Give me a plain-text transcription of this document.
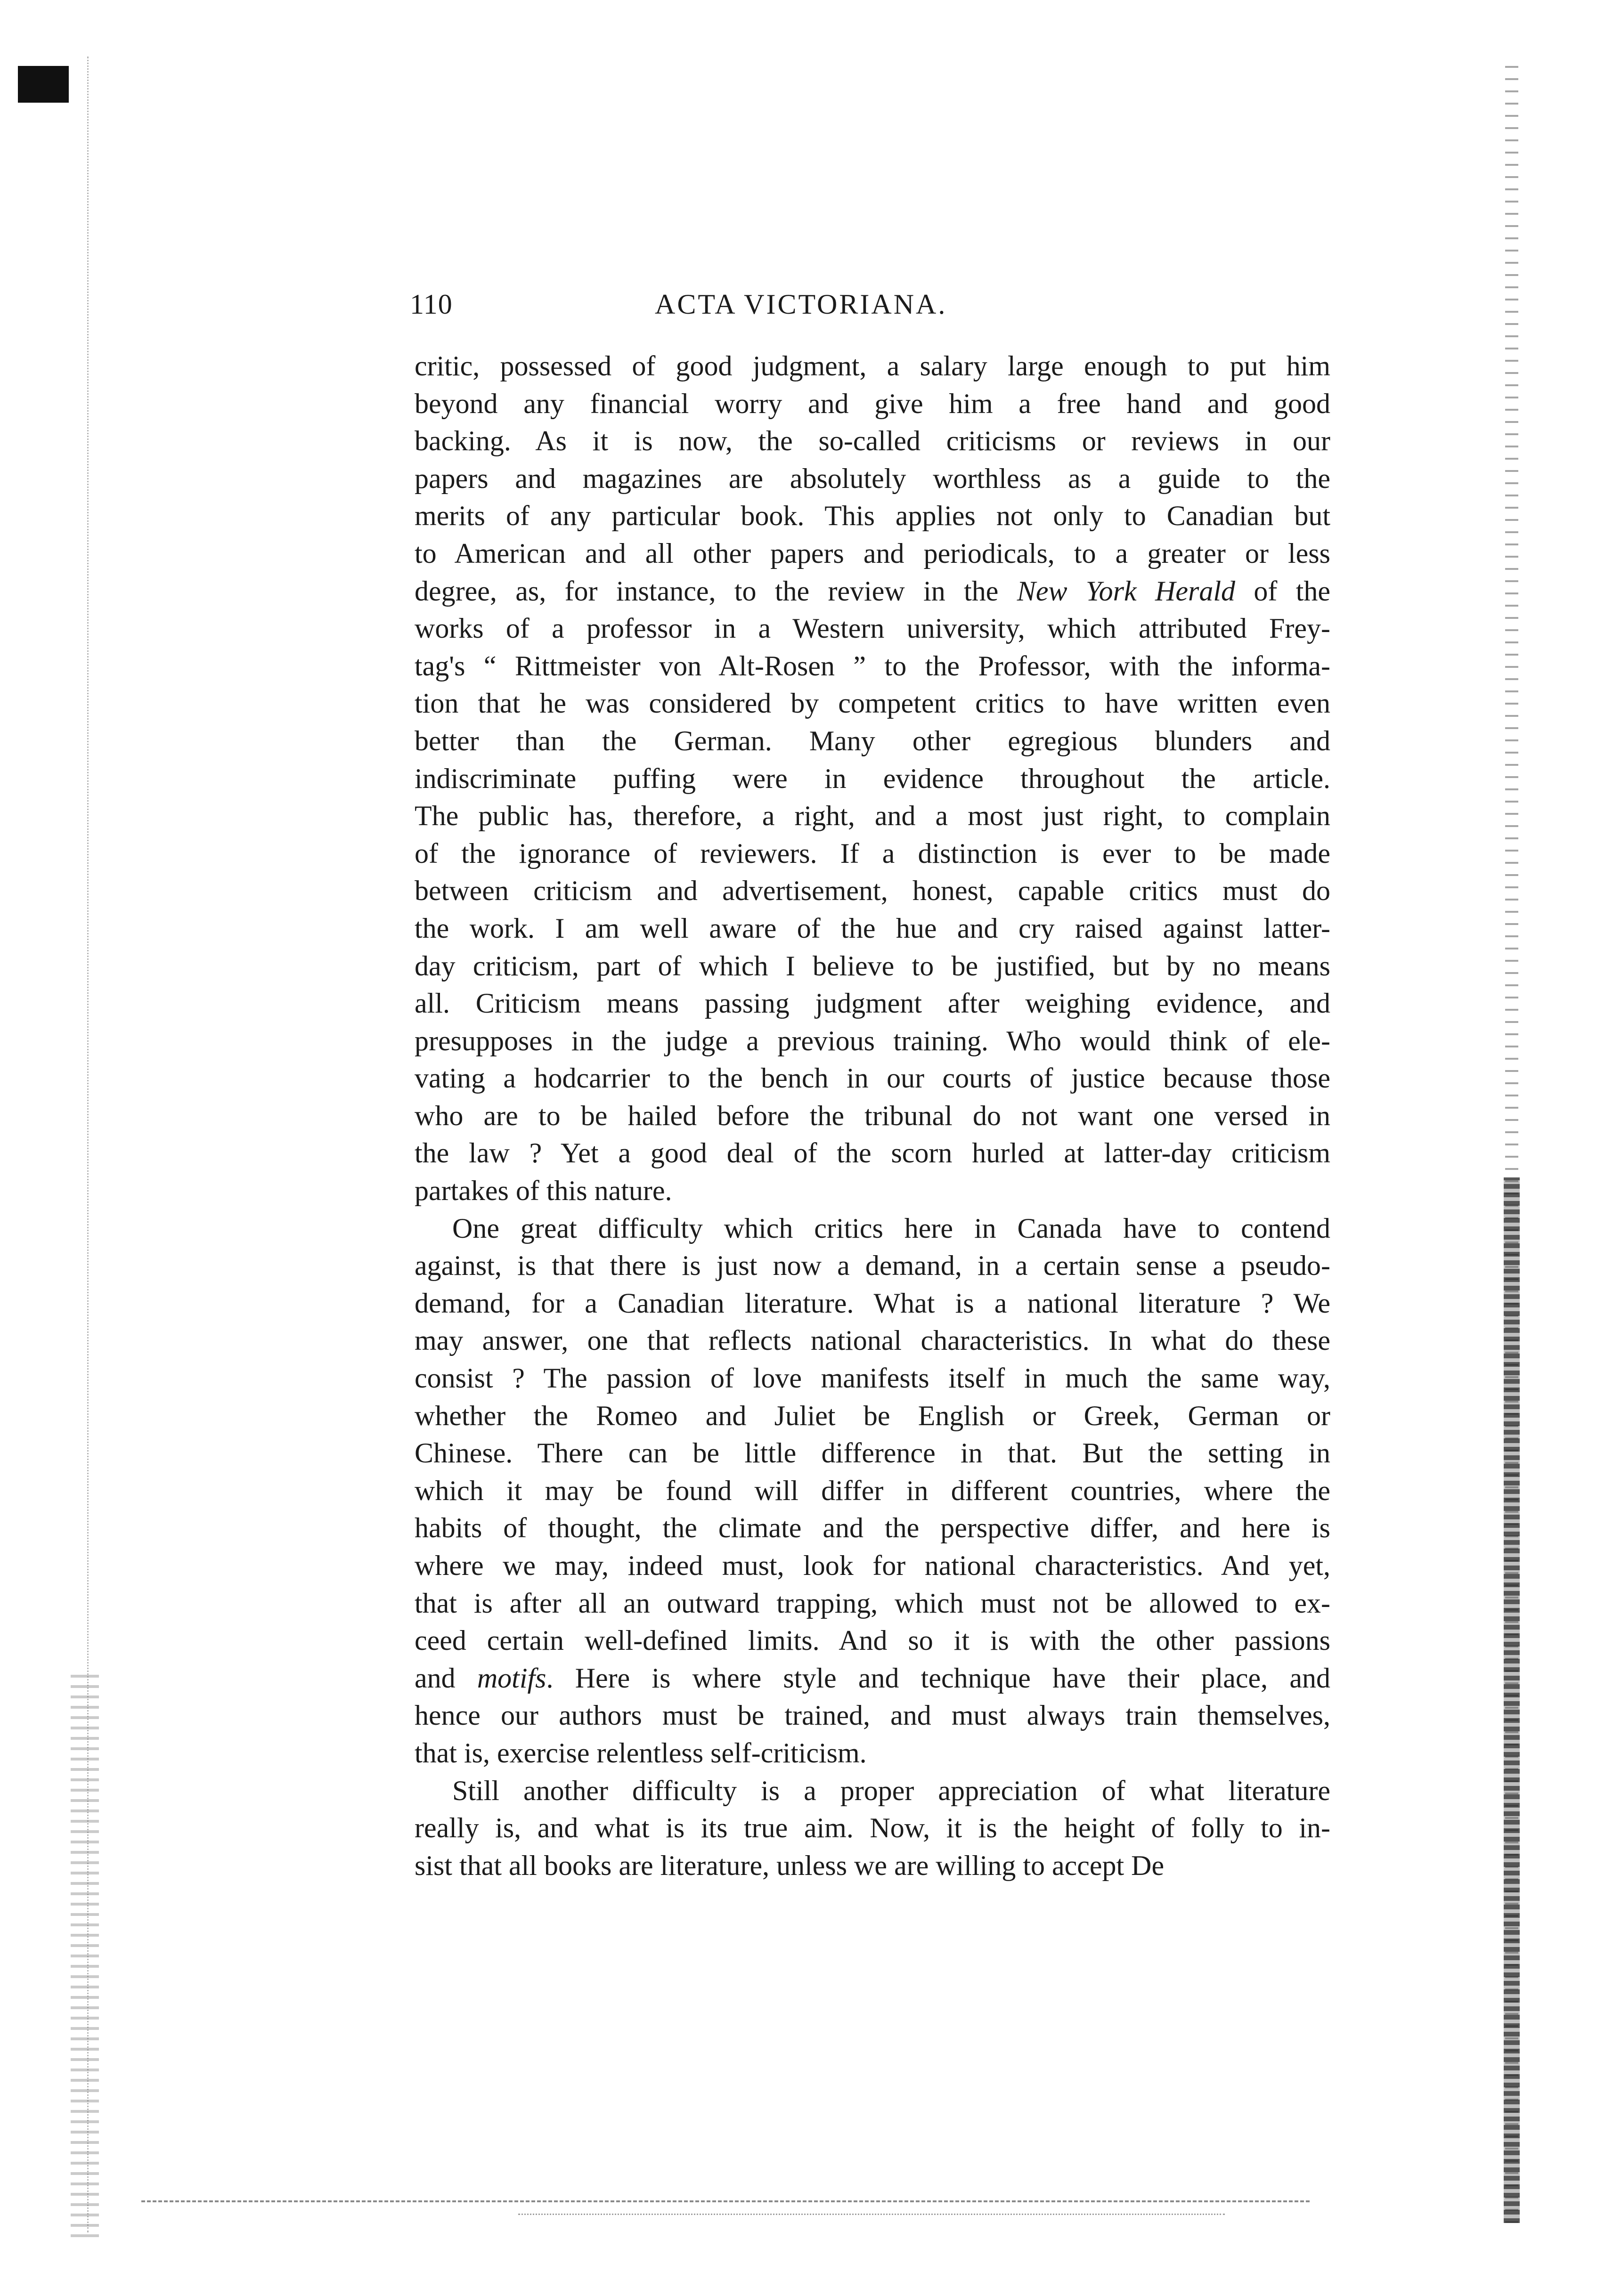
110	ACTA VICTORIANA.
critic, possessed of good judgment, a salary large enough to put him
beyond any financial worry and give him a free hand and good
backing. As it is now, the so-called criticisms or reviews in our
papers and magazines are absolutely worthless as a guide to the
merits of any particular book. This applies not only to Canadian but
to American and all other papers and periodicals, to a greater or less
degree, as, for instance, to the review in the New York Herald of the
works of a professor in a Western university, which attributed Frey-
tag's “ Rittmeister von Alt-Rosen ” to the Professor, with the informa-
tion that he was considered by competent critics to have written even
better than the German. Many other egregious blunders and
indiscriminate puffing were in evidence throughout the article.
The public has, therefore, a right, and a most just right, to complain
of the ignorance of reviewers. If a distinction is ever to be made
between criticism and advertisement, honest, capable critics must do
the work. I am well aware of the hue and cry raised against latter-
day criticism, part of which I believe to be justified, but by no means
all. Criticism means passing judgment after weighing evidence, and
presupposes in the judge a previous training. Who would think of ele-
vating a hodcarrier to the bench in our courts of justice because those
who are to be hailed before the tribunal do not want one versed in
the law ? Yet a good deal of the scorn hurled at latter-day criticism
partakes of this nature.
One great difficulty which critics here in Canada have to contend
against, is that there is just now a demand, in a certain sense a pseudo-
demand, for a Canadian literature. What is a national literature ? We
may answer, one that reflects national characteristics. In what do these
consist ? The passion of love manifests itself in much the same way,
whether the Romeo and Juliet be English or Greek, German or
Chinese. There can be little difference in that. But the setting in
which it may be found will differ in different countries, where the
habits of thought, the climate and the perspective differ, and here is
where we may, indeed must, look for national characteristics. And yet,
that is after all an outward trapping, which must not be allowed to ex-
ceed certain well-defined limits. And so it is with the other passions
and motifs. Here is where style and technique have their place, and
hence our authors must be trained, and must always train themselves,
that is, exercise relentless self-criticism.
Still another difficulty is a proper appreciation of what literature
really is, and what is its true aim. Now, it is the height of folly to in-
sist that all books are literature, unless we are willing to accept De
